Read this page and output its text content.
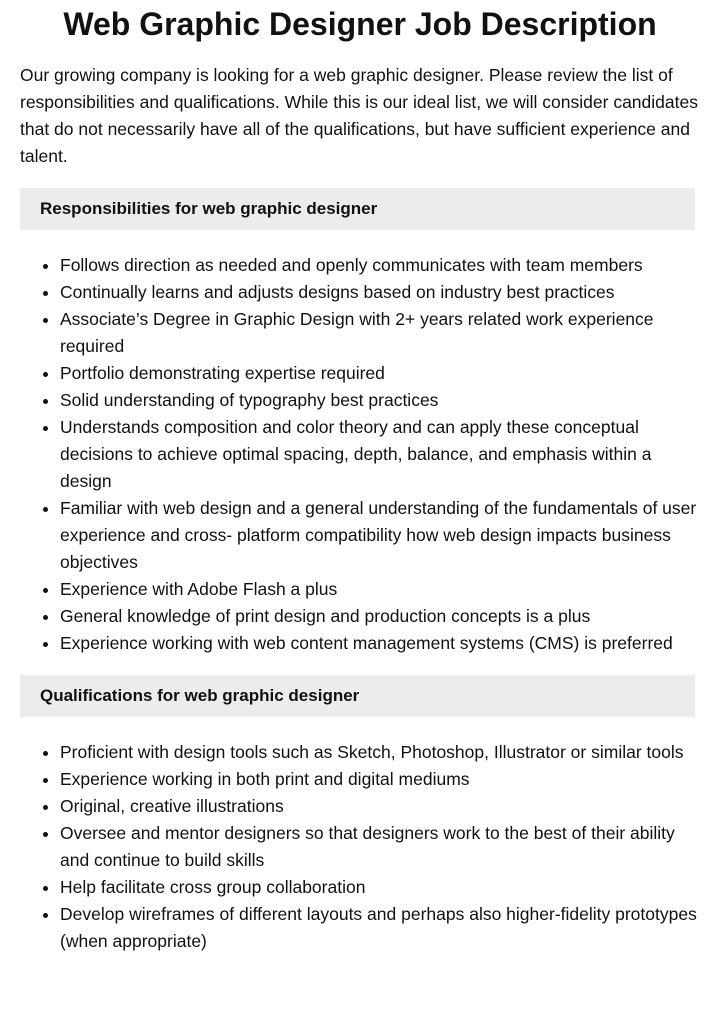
Web Graphic Designer Job Description

Our growing company is looking for a web graphic designer. Please review the list of responsibilities and qualifications. While this is our ideal list, we will consider candidates that do not necessarily have all of the qualifications, but have sufficient experience and talent.

Responsibilities for web graphic designer
• Follows direction as needed and openly communicates with team members
• Continually learns and adjusts designs based on industry best practices
• Associate’s Degree in Graphic Design with 2+ years related work experience required
• Portfolio demonstrating expertise required
• Solid understanding of typography best practices
• Understands composition and color theory and can apply these conceptual decisions to achieve optimal spacing, depth, balance, and emphasis within a design
• Familiar with web design and a general understanding of the fundamentals of user experience and cross- platform compatibility how web design impacts business objectives
• Experience with Adobe Flash a plus
• General knowledge of print design and production concepts is a plus
• Experience working with web content management systems (CMS) is preferred
Qualifications for web graphic designer
• Proficient with design tools such as Sketch, Photoshop, Illustrator or similar tools
• Experience working in both print and digital mediums
• Original, creative illustrations
• Oversee and mentor designers so that designers work to the best of their ability and continue to build skills
• Help facilitate cross group collaboration
• Develop wireframes of different layouts and perhaps also higher-fidelity prototypes (when appropriate)
